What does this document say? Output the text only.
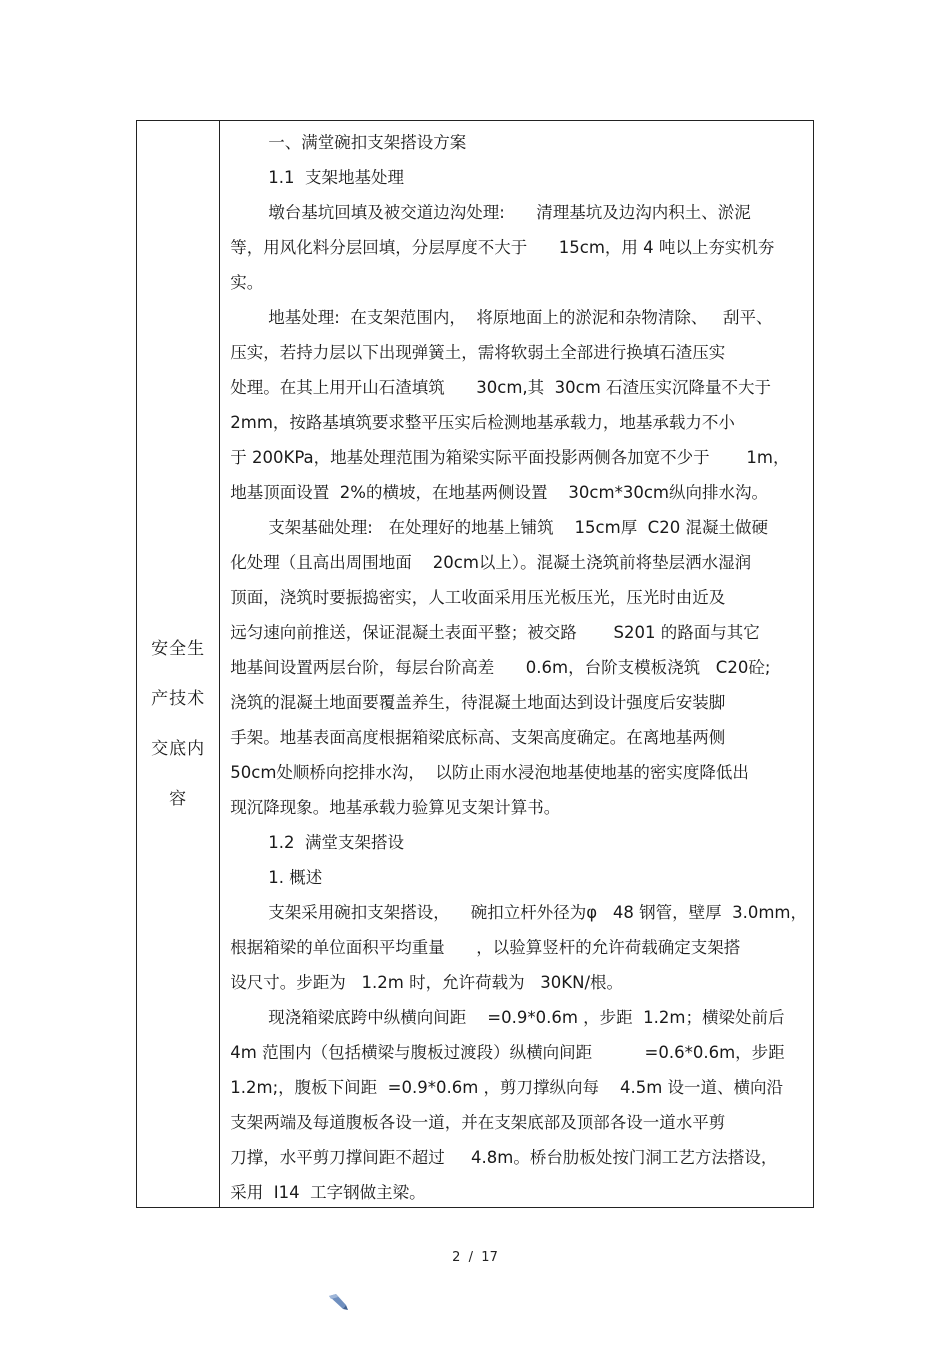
安全生
产技术
交底内
容
一、满堂碗扣支架搭设方案
1.1  支架地基处理
墩台基坑回填及被交道边沟处理:      清理基坑及边沟内积土、淤泥
等，用风化料分层回填，分层厚度不大于      15cm，用 4 吨以上夯实机夯
实。
地基处理:  在支架范围内，  将原地面上的淤泥和杂物清除、   刮平、
压实，若持力层以下出现弹簧土，需将软弱土全部进行换填石渣压实
处理。在其上用开山石渣填筑      30cm,其  30cm 石渣压实沉降量不大于
2mm，按路基填筑要求整平压实后检测地基承载力，地基承载力不小
于 200KPa，地基处理范围为箱梁实际平面投影两侧各加宽不少于       1m，
地基顶面设置  2%的横坡，在地基两侧设置    30cm*30cm纵向排水沟。
支架基础处理:   在处理好的地基上铺筑    15cm厚  C20 混凝土做硬
化处理（且高出周围地面    20cm以上）。混凝土浇筑前将垫层洒水湿润
顶面，浇筑时要振捣密实，人工收面采用压光板压光，压光时由近及
远匀速向前推送，保证混凝土表面平整；被交路       S201 的路面与其它
地基间设置两层台阶，每层台阶高差      0.6m，台阶支模板浇筑   C20砼;
浇筑的混凝土地面要覆盖养生，待混凝土地面达到设计强度后安装脚
手架。地基表面高度根据箱梁底标高、支架高度确定。在离地基两侧
50cm处顺桥向挖排水沟，  以防止雨水浸泡地基使地基的密实度降低出
现沉降现象。地基承载力验算见支架计算书。
1.2  满堂支架搭设
1. 概述
支架采用碗扣支架搭设，    碗扣立杆外径为φ   48 钢管，壁厚  3.0mm，
根据箱梁的单位面积平均重量      ，以验算竖杆的允许荷载确定支架搭
设尺寸。步距为   1.2m 时，允许荷载为   30KN/根。
现浇箱梁底跨中纵横向间距    =0.9*0.6m ，步距  1.2m；横梁处前后
4m 范围内（包括横梁与腹板过渡段）纵横向间距          =0.6*0.6m，步距
1.2m;，腹板下间距  =0.9*0.6m ，剪刀撑纵向每    4.5m 设一道、横向沿
支架两端及每道腹板各设一道，并在支架底部及顶部各设一道水平剪
刀撑，水平剪刀撑间距不超过     4.8m。桥台肋板处按门洞工艺方法搭设，
采用  I14  工字钢做主梁。
2  /  17
